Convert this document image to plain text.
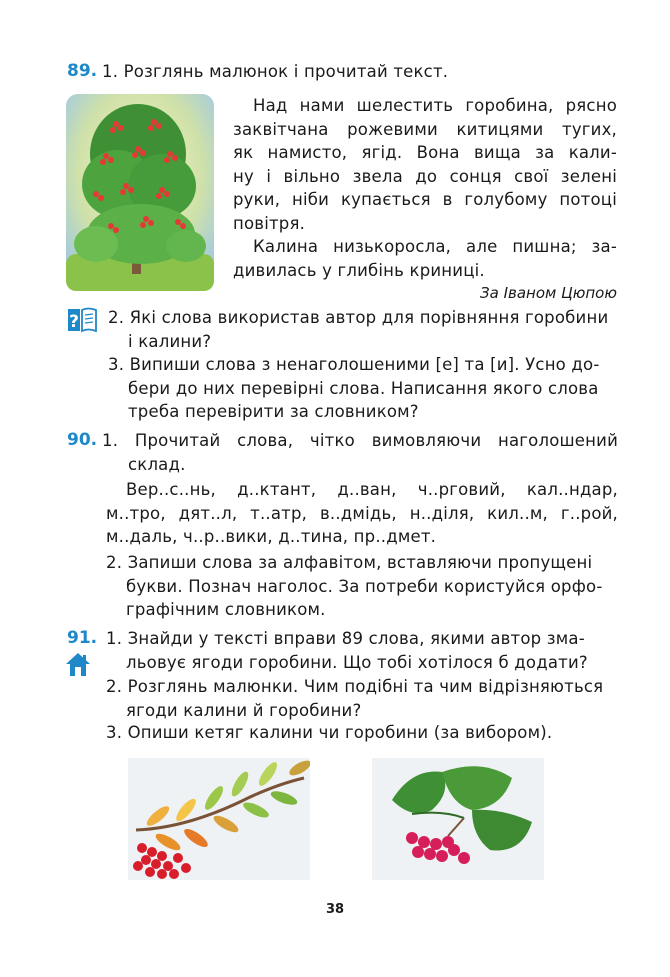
89. 1. Розглянь малюнок і прочитай текст.
Над нами шелестить горобина, рясно
заквітчана рожевими китицями тугих,
як намисто, ягід. Вона вища за кали-
ну і вільно звела до сонця свої зелені
руки, ніби купається в голубому потоці
повітря.
Калина низькоросла, але пишна; за-
дивилась у глибінь криниці.
За Іваном Цюпою
? 2. Які слова використав автор для порівняння горобини
і калини?
3. Випиши слова з ненаголошеними [е] та [и]. Усно до-
бери до них перевірні слова. Написання якого слова
треба перевірити за словником?
90. 1. Прочитай слова, чітко вимовляючи наголошений
склад.
Вер..с..нь, д..ктант, д..ван, ч..рговий, кал..ндар,
м..тро, дят..л, т..атр, в..дмідь, н..діля, кил..м, г..рой,
м..даль, ч..р..вики, д..тина, пр..дмет.
2. Запиши слова за алфавітом, вставляючи пропущені
букви. Познач наголос. За потреби користуйся орфо-
графічним словником.
91. 1. Знайди у тексті вправи 89 слова, якими автор зма-
льовує ягоди горобини. Що тобі хотілося б додати?
2. Розглянь малюнки. Чим подібні та чим відрізняються
ягоди калини й горобини?
3. Опиши кетяг калини чи горобини (за вибором).
38
